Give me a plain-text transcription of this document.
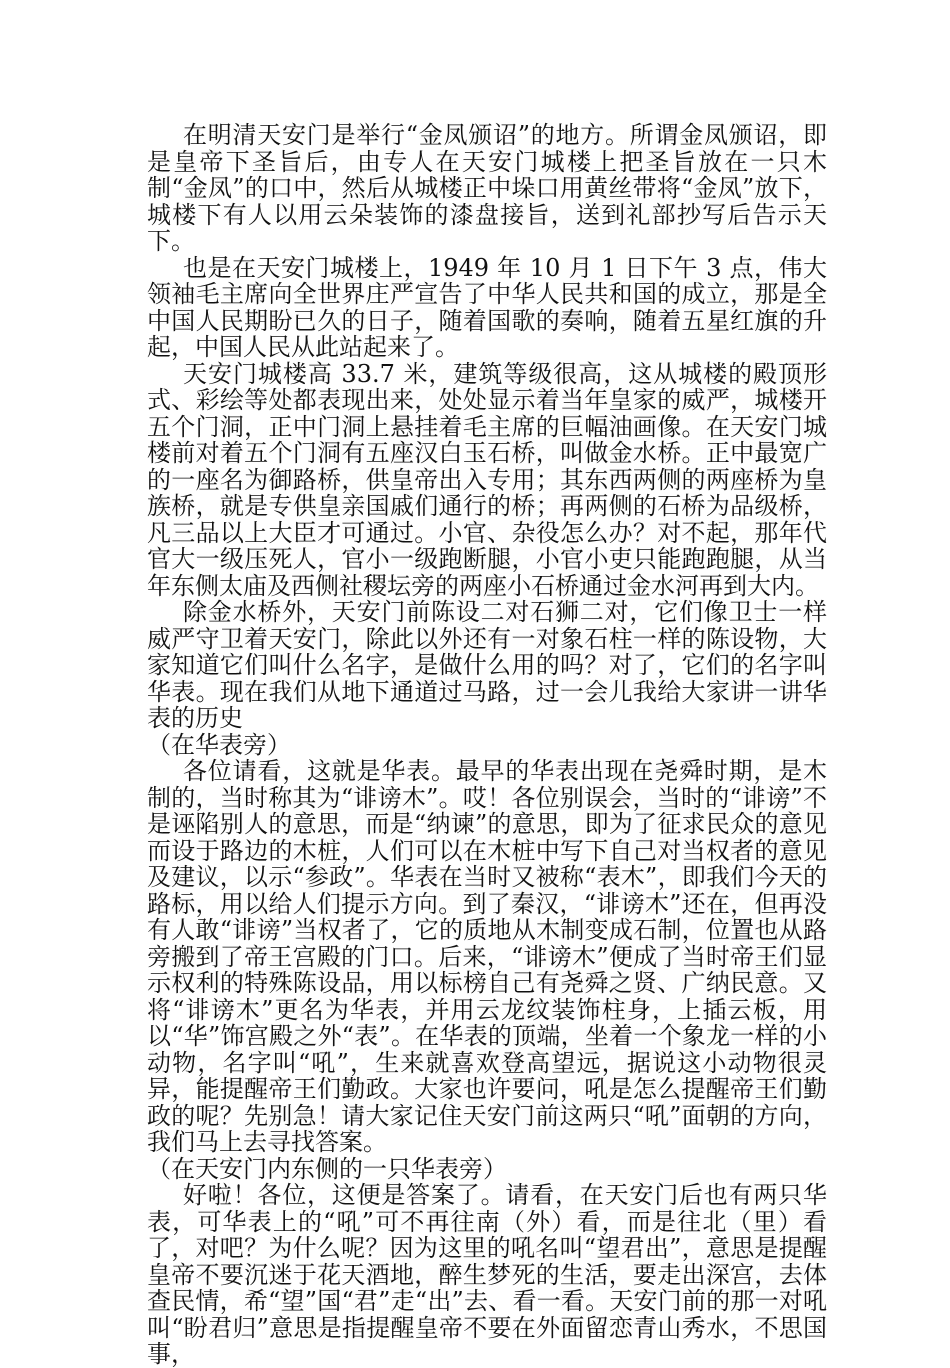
在明清天安门是举行“金凤颁诏”的地方。所谓金凤颁诏，即是皇帝下圣旨后，由专人在天安门城楼上把圣旨放在一只木制“金凤”的口中，然后从城楼正中垛口用黄丝带将“金凤”放下，城楼下有人以用云朵装饰的漆盘接旨，送到礼部抄写后告示天下。

也是在天安门城楼上，1949 年 10 月 1 日下午 3 点，伟大领袖毛主席向全世界庄严宣告了中华人民共和国的成立，那是全中国人民期盼已久的日子，随着国歌的奏响，随着五星红旗的升起，中国人民从此站起来了。

天安门城楼高 33.7 米，建筑等级很高，这从城楼的殿顶形式、彩绘等处都表现出来，处处显示着当年皇家的威严，城楼开五个门洞，正中门洞上悬挂着毛主席的巨幅油画像。在天安门城楼前对着五个门洞有五座汉白玉石桥，叫做金水桥。正中最宽广的一座名为御路桥，供皇帝出入专用；其东西两侧的两座桥为皇族桥，就是专供皇亲国戚们通行的桥；再两侧的石桥为品级桥，凡三品以上大臣才可通过。小官、杂役怎么办？对不起，那年代官大一级压死人，官小一级跑断腿，小官小吏只能跑跑腿，从当年东侧太庙及西侧社稷坛旁的两座小石桥通过金水河再到大内。

除金水桥外，天安门前陈设二对石狮二对，它们像卫士一样威严守卫着天安门，除此以外还有一对象石柱一样的陈设物，大家知道它们叫什么名字，是做什么用的吗？对了，它们的名字叫华表。现在我们从地下通道过马路，过一会儿我给大家讲一讲华表的历史

（在华表旁）

各位请看，这就是华表。最早的华表出现在尧舜时期，是木制的，当时称其为“诽谤木”。哎！各位别误会，当时的“诽谤”不是诬陷别人的意思，而是“纳谏”的意思，即为了征求民众的意见而设于路边的木桩，人们可以在木桩中写下自己对当权者的意见及建议，以示“参政”。华表在当时又被称“表木”，即我们今天的路标，用以给人们提示方向。到了秦汉，“诽谤木”还在，但再没有人敢“诽谤”当权者了，它的质地从木制变成石制，位置也从路旁搬到了帝王宫殿的门口。后来，“诽谤木”便成了当时帝王们显示权利的特殊陈设品，用以标榜自己有尧舜之贤、广纳民意。又将“诽谤木”更名为华表，并用云龙纹装饰柱身，上插云板，用以“华”饰宫殿之外“表”。在华表的顶端，坐着一个象龙一样的小动物，名字叫“吼”，生来就喜欢登高望远，据说这小动物很灵异，能提醒帝王们勤政。大家也许要问，吼是怎么提醒帝王们勤政的呢？先别急！请大家记住天安门前这两只“吼”面朝的方向，我们马上去寻找答案。

（在天安门内东侧的一只华表旁）

好啦！各位，这便是答案了。请看，在天安门后也有两只华表，可华表上的“吼”可不再往南（外）看，而是往北（里）看了，对吧？为什么呢？因为这里的吼名叫“望君出”，意思是提醒皇帝不要沉迷于花天酒地，醉生梦死的生活，要走出深宫，去体查民情，希“望”国“君”走“出”去、看一看。天安门前的那一对吼叫“盼君归”意思是指提醒皇帝不要在外面留恋青山秀水，不思国事，
